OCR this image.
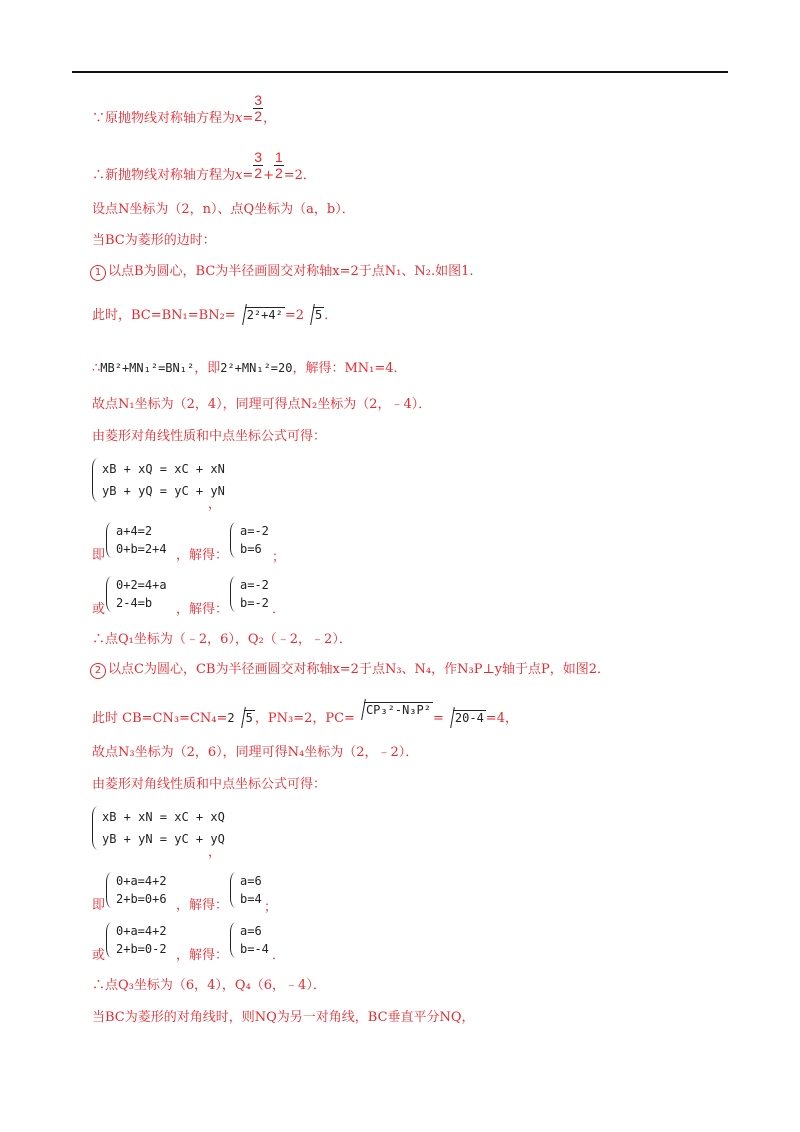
∵原抛物线对称轴方程为$x= \frac{3}{2}$ ，
∴新抛物线对称轴方程为$x= \frac{3}{2} + \frac{1}{2} =2$．
设点N坐标为（2，n）、点Q坐标为（a，b）．
当BC为菱形的边时：
1 以点B为圆心，BC为半径画圆交对称轴x=2于点N₁、N₂.如图1.
此时，BC=BN₁=BN₂= 2²+4² =2 5 ．
∴MB²+MN₁²=BN₁²，即2²+MN₁²=20，解得：MN₁=4．
故点N₁坐标为（2，4），同理可得点N₂坐标为（2，﹣4）．
由菱形对角线性质和中点坐标公式可得：
xB + xQ = xC + xN
yB + yQ = yC + yN
，
即
a+4=2
0+b=2+4 ，解得：
a=-2
b=6
；
或
0+2=4+a
2-4=b	，解得：
a=-2
b=-2 ．
∴点Q₁坐标为（﹣2，6），Q₂（﹣2，﹣2）．
2 以点C为圆心，CB为半径画圆交对称轴x=2于点N₃、N₄，作N₃P⊥y轴于点P，如图2．
此时 CB=CN₃=CN₄=2 5 ，PN₃=2，PC=CP₃²-N₃P²= 20-4 =4，
故点N₃坐标为（2，6），同理可得N₄坐标为（2，﹣2）．
由菱形对角线性质和中点坐标公式可得：
xB + xN = xC + xQ
yB + yN = yC + yQ
，
即
0+a=4+2
2+b=0+6 ，解得：
a=6
b=4
；
或
0+a=4+2
2+b=0-2 ，解得：
a=6
b=-4 ．
∴点Q₃坐标为（6，4），Q₄（6，﹣4）．
当BC为菱形的对角线时，则NQ为另一对角线，BC垂直平分NQ，
